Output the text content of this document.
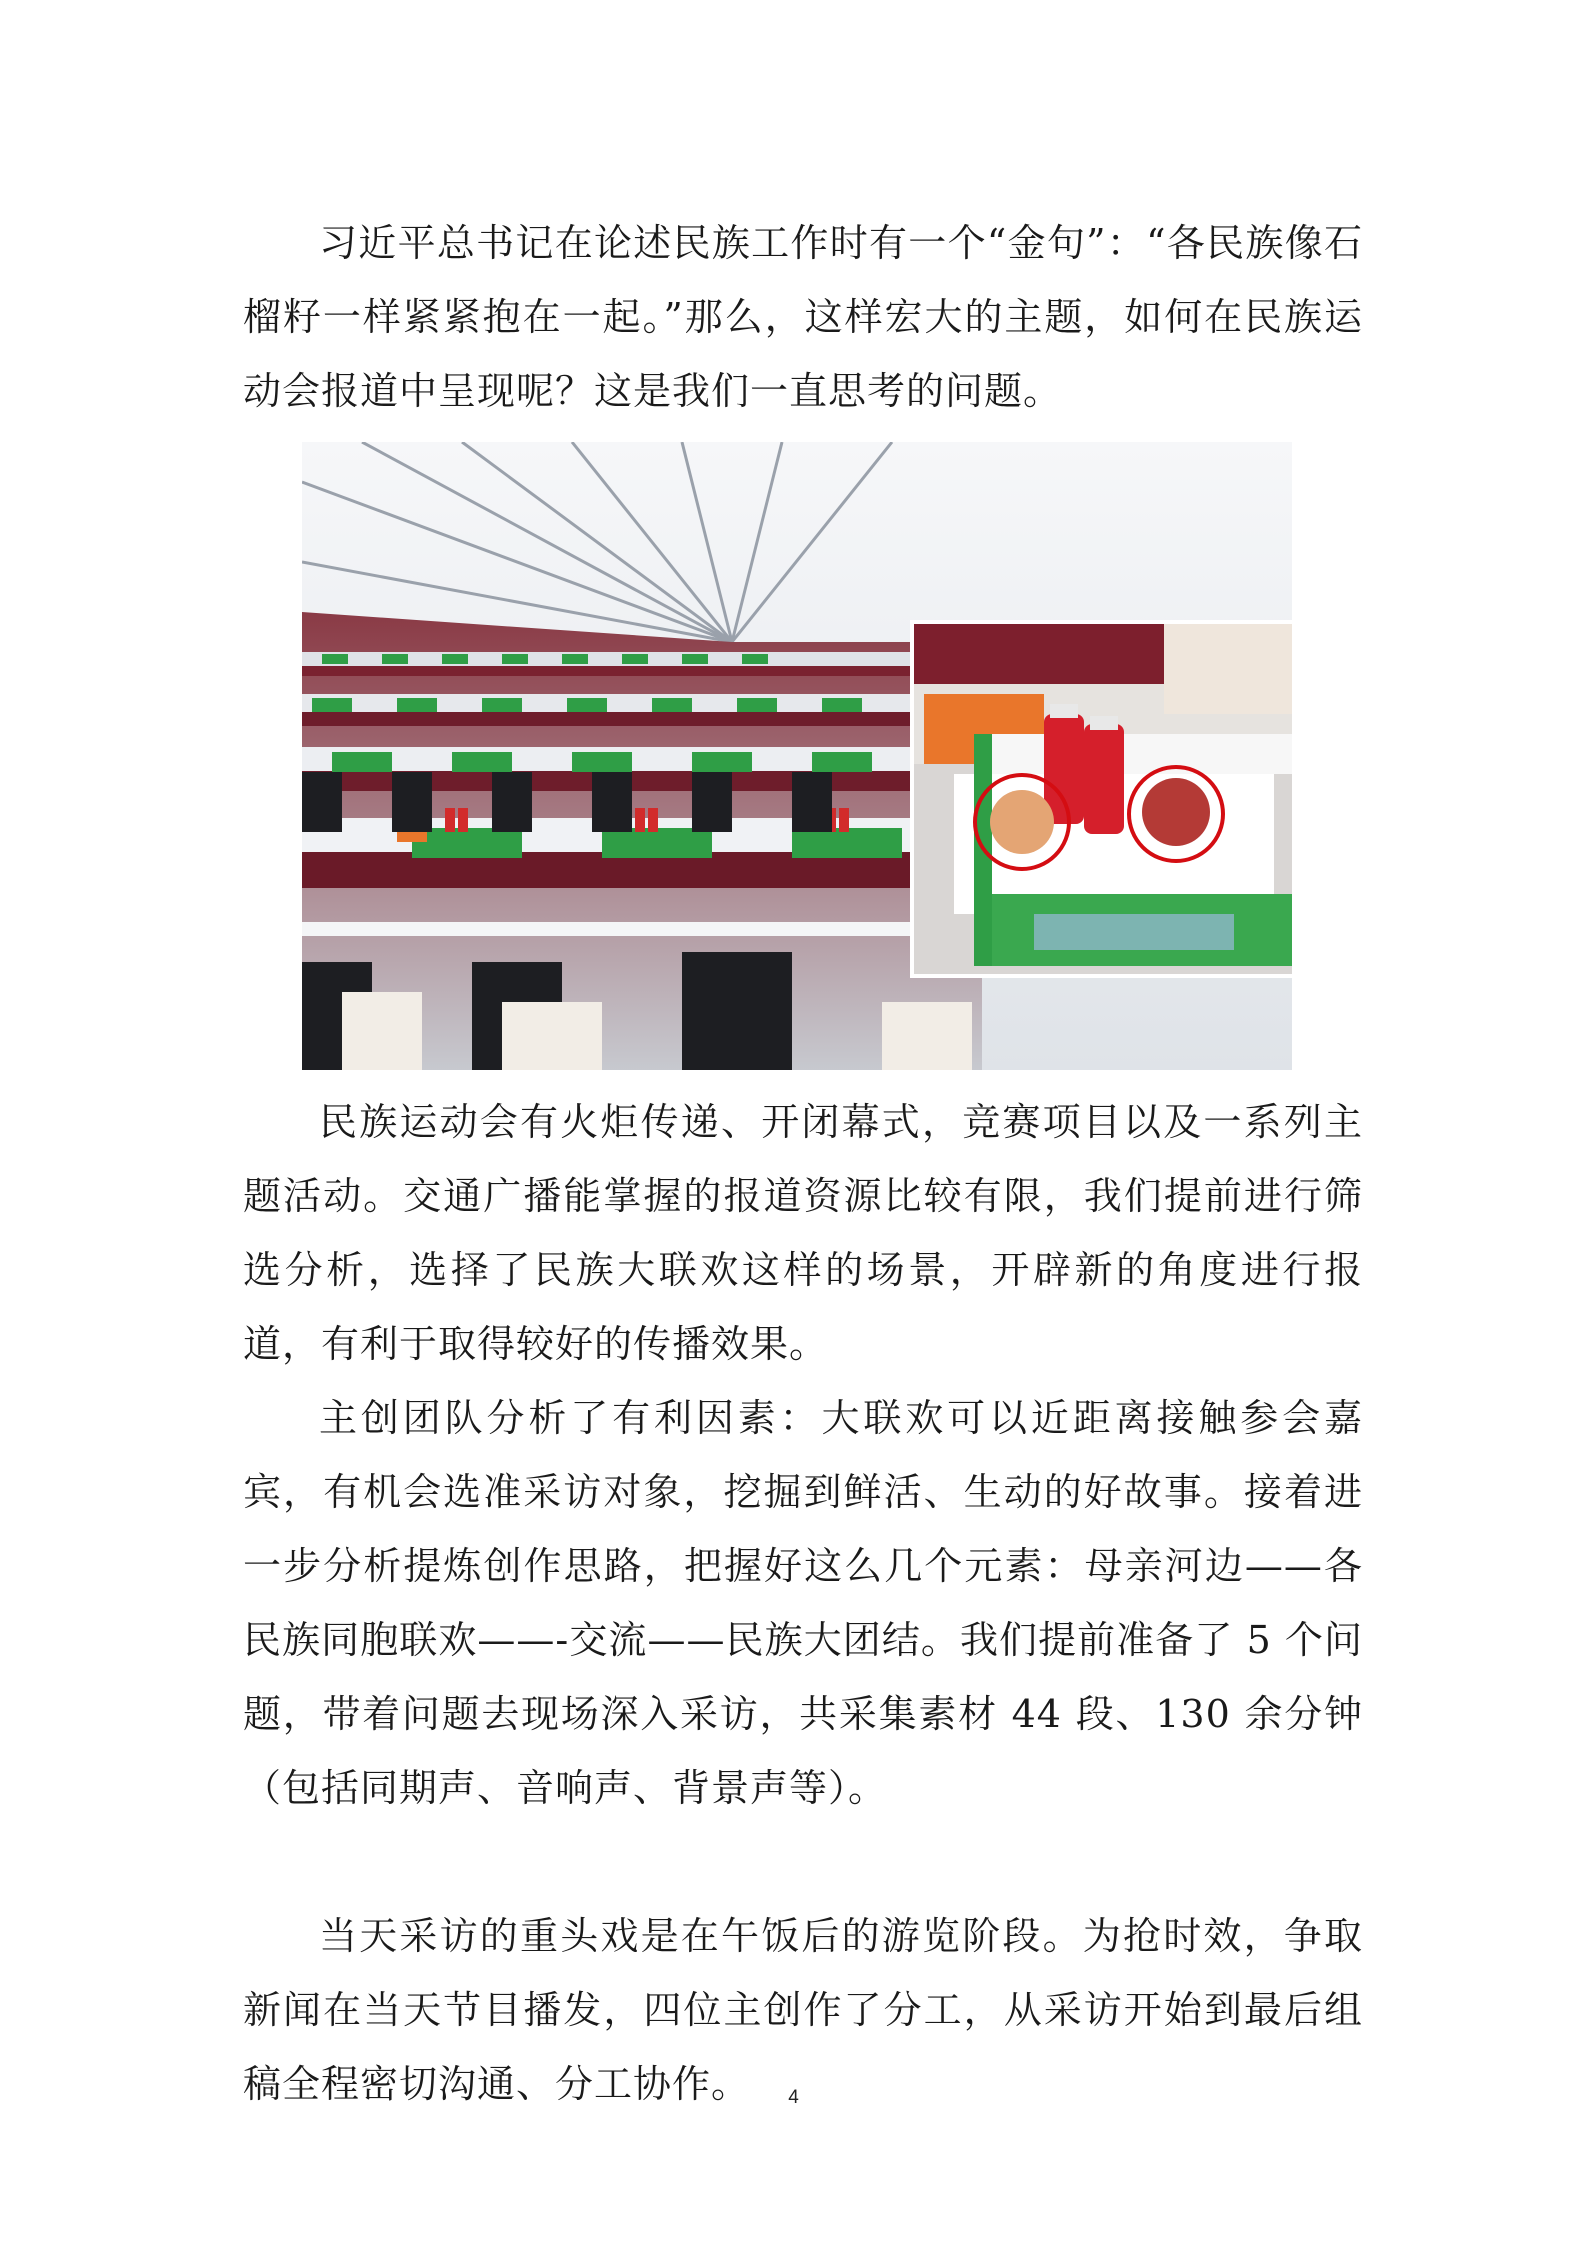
习近平总书记在论述民族工作时有一个“金句”：“各民族像石榴籽一样紧紧抱在一起。”那么，这样宏大的主题，如何在民族运动会报道中呈现呢？这是我们一直思考的问题。

民族运动会有火炬传递、开闭幕式，竞赛项目以及一系列主题活动。交通广播能掌握的报道资源比较有限，我们提前进行筛选分析，选择了民族大联欢这样的场景，开辟新的角度进行报道，有利于取得较好的传播效果。

主创团队分析了有利因素：大联欢可以近距离接触参会嘉宾，有机会选准采访对象，挖掘到鲜活、生动的好故事。接着进一步分析提炼创作思路，把握好这么几个元素：母亲河边——各民族同胞联欢——-交流——民族大团结。我们提前准备了 5 个问题，带着问题去现场深入采访，共采集素材 44 段、130 余分钟（包括同期声、音响声、背景声等）。

当天采访的重头戏是在午饭后的游览阶段。为抢时效，争取新闻在当天节目播发，四位主创作了分工，从采访开始到最后组稿全程密切沟通、分工协作。	4
